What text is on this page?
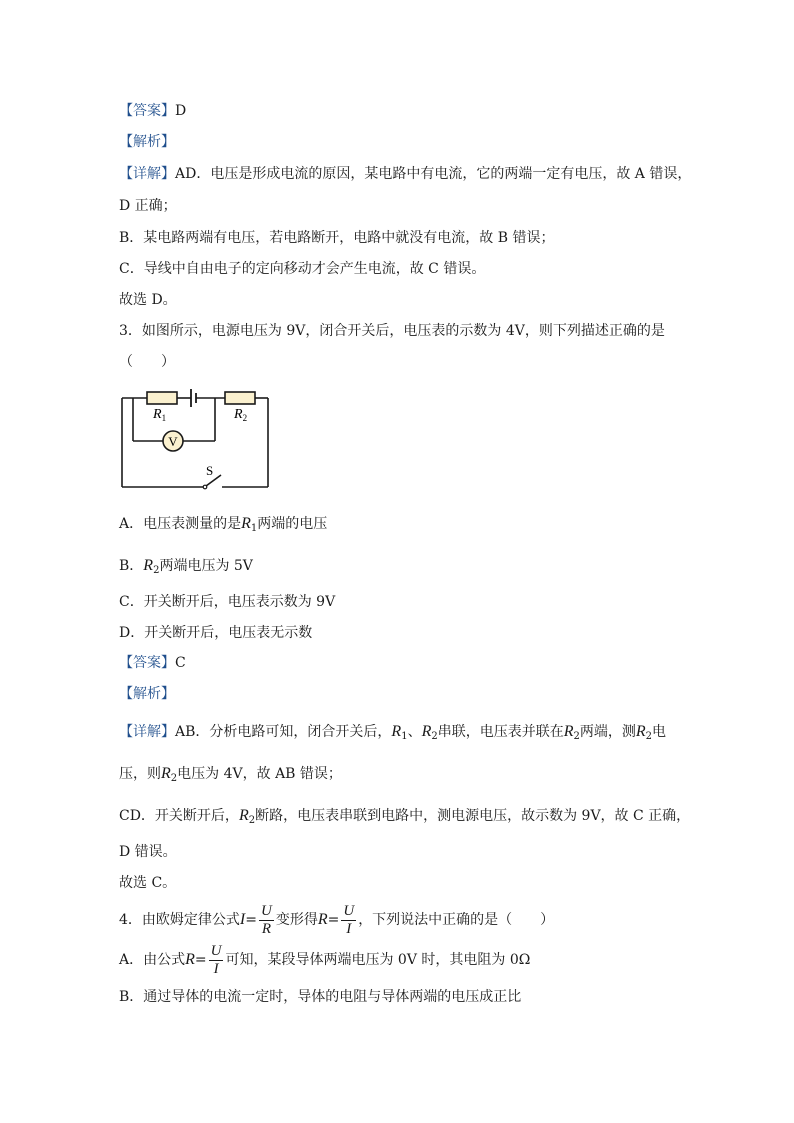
【答案】D
【解析】
【详解】AD．电压是形成电流的原因，某电路中有电流，它的两端一定有电压，故 A 错误，
D 正确；
B．某电路两端有电压，若电路断开，电路中就没有电流，故 B 错误；
C．导线中自由电子的定向移动才会产生电流，故 C 错误。
故选 D。
3．如图所示，电源电压为 9V，闭合开关后，电压表的示数为 4V，则下列描述正确的是
（　　）
V
$R_1$	$R_2$
S
A．电压表测量的是$R_1$两端的电压
B．$R_2$两端电压为 5V
C．开关断开后，电压表示数为 9V
D．开关断开后，电压表无示数
【答案】C
【解析】
【详解】AB．分析电路可知，闭合开关后，$R_1$、$R_2$串联，电压表并联在$R_2$两端，测$R_2$电
压，则$R_2$电压为 4V，故 AB 错误；
CD．开关断开后，$R_2$断路，电压表串联到电路中，测电源电压，故示数为 9V，故 C 正确，
D 错误。
故选 C。
4．由欧姆定律公式$I= \frac{U}{R}$ 变形得$R= \frac{U}{I}$ ，下列说法中正确的是（　　）
A．由公式$R= \frac{U}{I}$ 可知，某段导体两端电压为 0V 时，其电阻为 0Ω
B．通过导体的电流一定时，导体的电阻与导体两端的电压成正比
